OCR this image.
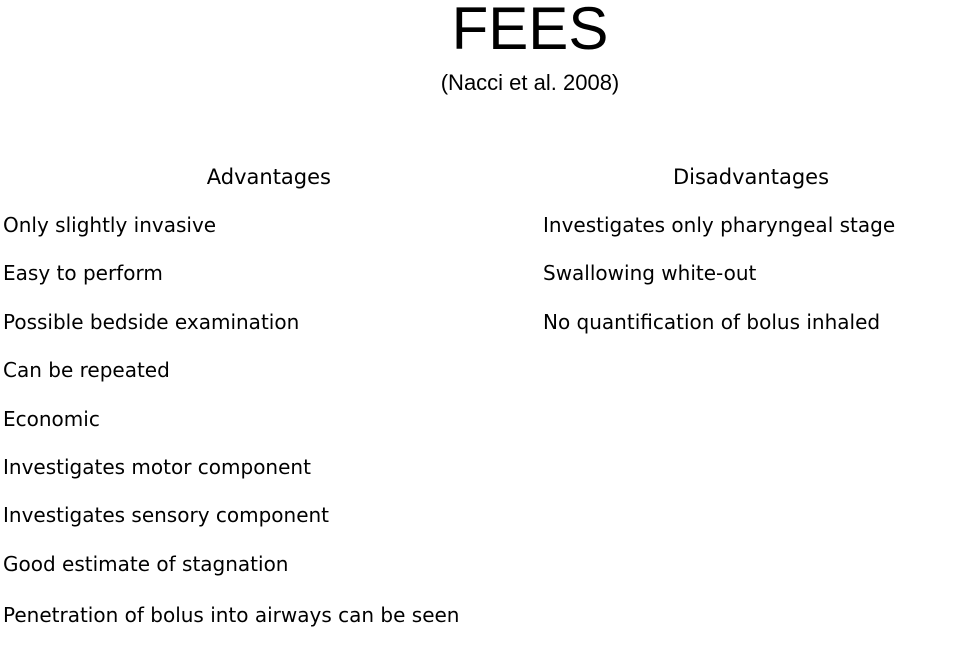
FEES
(Nacci et al. 2008)
Advantages	Disadvantages
Only slightly invasive
Easy to perform
Possible bedside examination
Can be repeated
Economic
Investigates motor component
Investigates sensory component
Good estimate of stagnation
Penetration of bolus into airways can be seen
Investigates only pharyngeal stage
Swallowing white-out
No quantification of bolus inhaled
